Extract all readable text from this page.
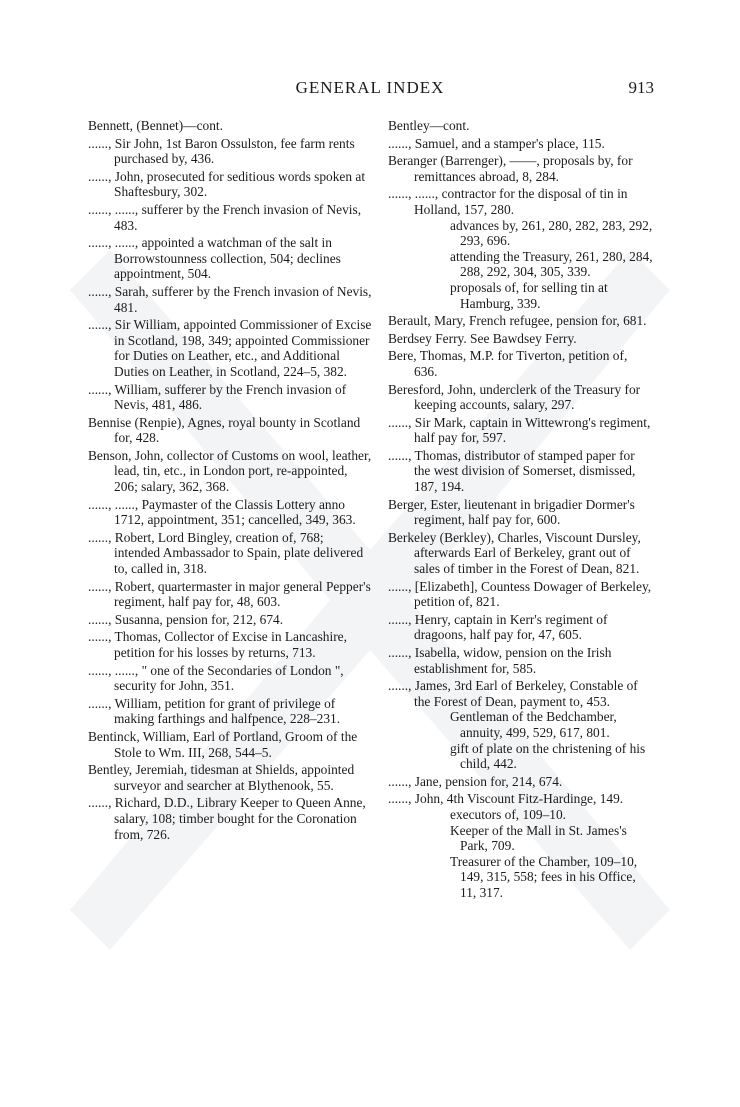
GENERAL INDEX	913
Bennett, (Bennet)—cont.

......, Sir John, 1st Baron Ossulston, fee farm rents purchased by, 436.

......, John, prosecuted for seditious words spoken at Shaftesbury, 302.

......, ......, sufferer by the French invasion of Nevis, 483.

......, ......, appointed a watchman of the salt in Borrowstounness collection, 504; declines appointment, 504.

......, Sarah, sufferer by the French invasion of Nevis, 481.

......, Sir William, appointed Commissioner of Excise in Scotland, 198, 349; appointed Commissioner for Duties on Leather, etc., and Additional Duties on Leather, in Scotland, 224–5, 382.

......, William, sufferer by the French invasion of Nevis, 481, 486.

Bennise (Renpie), Agnes, royal bounty in Scotland for, 428.

Benson, John, collector of Customs on wool, leather, lead, tin, etc., in London port, re-appointed, 206; salary, 362, 368.

......, ......, Paymaster of the Classis Lottery anno 1712, appointment, 351; cancelled, 349, 363.

......, Robert, Lord Bingley, creation of, 768; intended Ambassador to Spain, plate delivered to, called in, 318.

......, Robert, quartermaster in major general Pepper's regiment, half pay for, 48, 603.

......, Susanna, pension for, 212, 674.

......, Thomas, Collector of Excise in Lancashire, petition for his losses by returns, 713.

......, ......, " one of the Secondaries of London ", security for John, 351.

......, William, petition for grant of privilege of making farthings and halfpence, 228–231.

Bentinck, William, Earl of Portland, Groom of the Stole to Wm. III, 268, 544–5.

Bentley, Jeremiah, tidesman at Shields, appointed surveyor and searcher at Blythenook, 55.

......, Richard, D.D., Library Keeper to Queen Anne, salary, 108; timber bought for the Coronation from, 726.

Bentley—cont.

......, Samuel, and a stamper's place, 115.

Beranger (Barrenger), ——, proposals by, for remittances abroad, 8, 284.

......, ......, contractor for the disposal of tin in Holland, 157, 280.

advances by, 261, 280, 282, 283, 292, 293, 696.

attending the Treasury, 261, 280, 284, 288, 292, 304, 305, 339.

proposals of, for selling tin at Hamburg, 339.

Berault, Mary, French refugee, pension for, 681.

Berdsey Ferry. See Bawdsey Ferry.

Bere, Thomas, M.P. for Tiverton, petition of, 636.

Beresford, John, underclerk of the Treasury for keeping accounts, salary, 297.

......, Sir Mark, captain in Wittewrong's regiment, half pay for, 597.

......, Thomas, distributor of stamped paper for the west division of Somerset, dismissed, 187, 194.

Berger, Ester, lieutenant in brigadier Dormer's regiment, half pay for, 600.

Berkeley (Berkley), Charles, Viscount Dursley, afterwards Earl of Berkeley, grant out of sales of timber in the Forest of Dean, 821.

......, [Elizabeth], Countess Dowager of Berkeley, petition of, 821.

......, Henry, captain in Kerr's regiment of dragoons, half pay for, 47, 605.

......, Isabella, widow, pension on the Irish establishment for, 585.

......, James, 3rd Earl of Berkeley, Constable of the Forest of Dean, payment to, 453.

Gentleman of the Bedchamber, annuity, 499, 529, 617, 801.

gift of plate on the christening of his child, 442.

......, Jane, pension for, 214, 674.

......, John, 4th Viscount Fitz-Hardinge, 149.

executors of, 109–10.

Keeper of the Mall in St. James's Park, 709.

Treasurer of the Chamber, 109–10, 149, 315, 558; fees in his Office, 11, 317.
